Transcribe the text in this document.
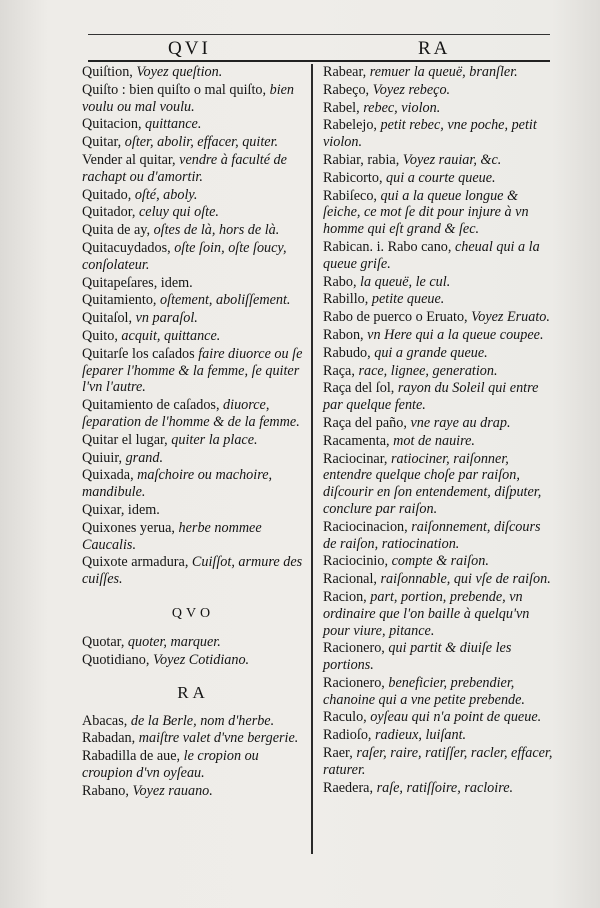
QVI	RA
Quiſtion, Voyez queſtion.
Quiſto : bien quiſto o mal quiſto, bien voulu ou mal voulu.
Quitacion, quittance.
Quitar, oſter, abolir, effacer, quiter.
Vender al quitar, vendre à faculté de rachapt ou d'amortir.
Quitado, oſté, aboly.
Quitador, celuy qui oſte.
Quita de ay, oſtes de là, hors de là.
Quitacuydados, oſte ſoin, oſte ſoucy, conſolateur.
Quitapeſares, idem.
Quitamiento, oſtement, aboliſſement.
Quitaſol, vn paraſol.
Quito, acquit, quittance.
Quitarſe los caſados faire diuorce ou ſe ſeparer l'homme & la femme, ſe quiter l'vn l'autre.
Quitamiento de caſados, diuorce, ſeparation de l'homme & de la femme.
Quitar el lugar, quiter la place.
Quiuir, grand.
Quixada, maſchoire ou machoire, mandibule.
Quixar, idem.
Quixones yerua, herbe nommee Caucalis.
Quixote armadura, Cuiſſot, armure des cuiſſes.
QVO
Quotar, quoter, marquer.
Quotidiano, Voyez Cotidiano.
RA
Abacas, de la Berle, nom d'herbe.
Rabadan, maiſtre valet d'vne bergerie.
Rabadilla de aue, le cropion ou croupion d'vn oyſeau.
Rabano, Voyez rauano.
Rabear, remuer la queuë, branſler.
Rabeço, Voyez rebeço.
Rabel, rebec, violon.
Rabelejo, petit rebec, vne poche, petit violon.
Rabiar, rabia, Voyez rauiar, &c.
Rabicorto, qui a courte queue.
Rabiſeco, qui a la queue longue & ſeiche, ce mot ſe dit pour injure à vn homme qui eſt grand & ſec.
Rabican. i. Rabo cano, cheual qui a la queue griſe.
Rabo, la queuë, le cul.
Rabillo, petite queue.
Rabo de puerco o Eruato, Voyez Eruato.
Rabon, vn Here qui a la queue coupee.
Rabudo, qui a grande queue.
Raça, race, lignee, generation.
Raça del ſol, rayon du Soleil qui entre par quelque fente.
Raça del paño, vne raye au drap.
Racamenta, mot de nauire.
Raciocinar, ratiociner, raiſonner, entendre quelque choſe par raiſon, diſcourir en ſon entendement, diſputer, conclure par raiſon.
Raciocinacion, raiſonnement, diſcours de raiſon, ratiocination.
Raciocinio, compte & raiſon.
Racional, raiſonnable, qui vſe de raiſon.
Racion, part, portion, prebende, vn ordinaire que l'on baille à quelqu'vn pour viure, pitance.
Racionero, qui partit & diuiſe les portions.
Racionero, beneficier, prebendier, chanoine qui a vne petite prebende.
Raculo, oyſeau qui n'a point de queue.
Radioſo, radieux, luiſant.
Raer, raſer, raire, ratiſſer, racler, effacer, raturer.
Raedera, raſe, ratiſſoire, racloire.
